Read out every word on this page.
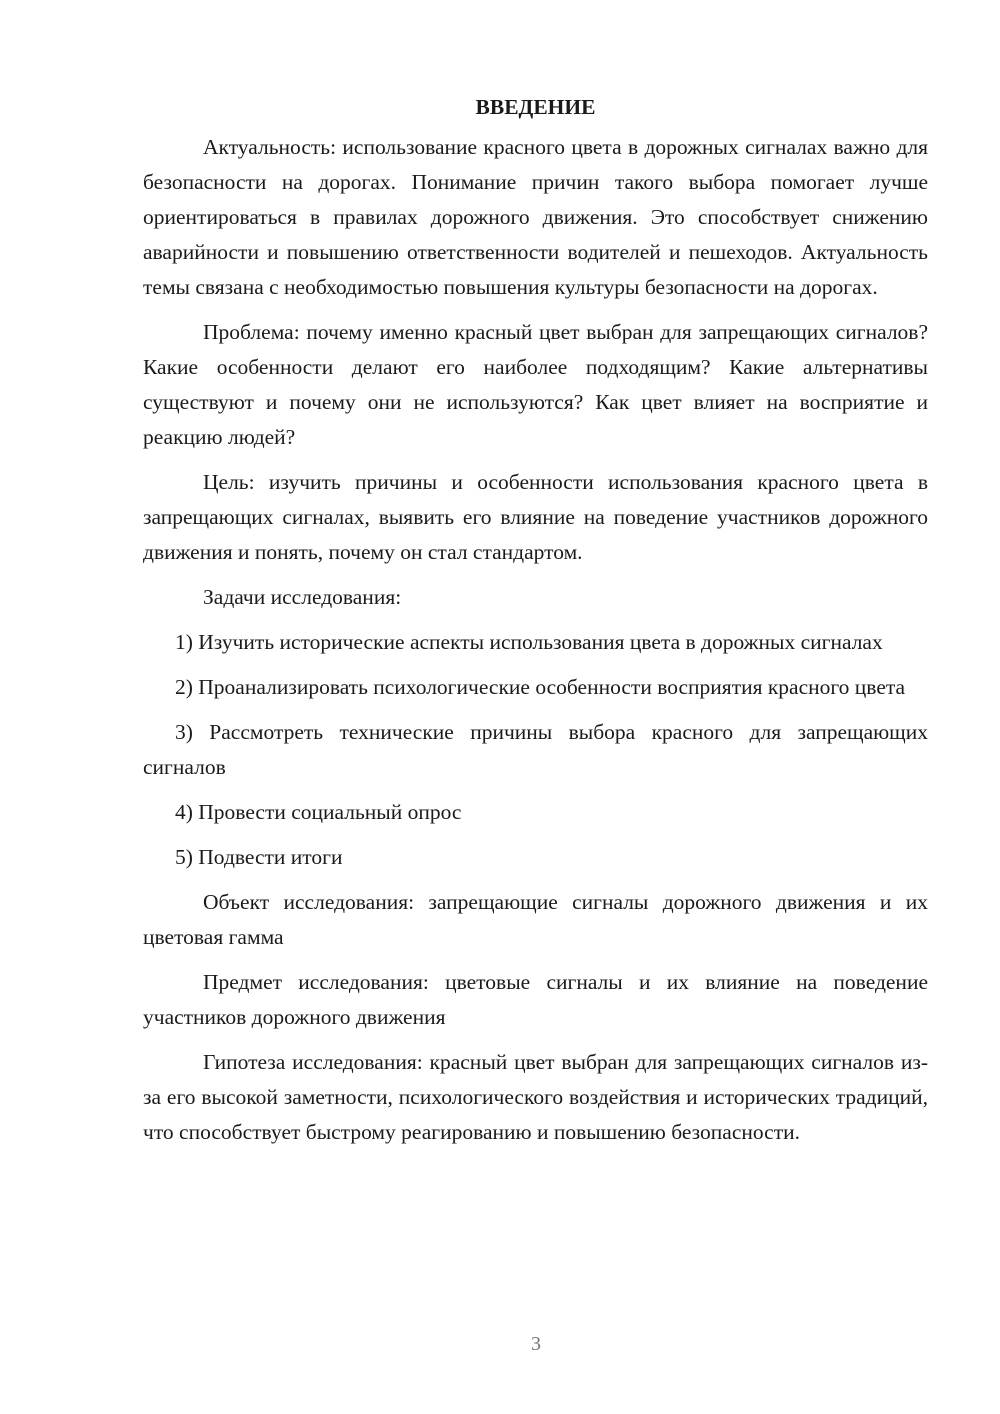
ВВЕДЕНИЕ

Актуальность: использование красного цвета в дорожных сигналах важно для безопасности на дорогах. Понимание причин такого выбора помогает лучше ориентироваться в правилах дорожного движения. Это способствует снижению аварийности и повышению ответственности водителей и пешеходов. Актуальность темы связана с необходимостью повышения культуры безопасности на дорогах.

Проблема: почему именно красный цвет выбран для запрещающих сигналов? Какие особенности делают его наиболее подходящим? Какие альтернативы существуют и почему они не используются? Как цвет влияет на восприятие и реакцию людей?

Цель: изучить причины и особенности использования красного цвета в запрещающих сигналах, выявить его влияние на поведение участников дорожного движения и понять, почему он стал стандартом.

Задачи исследования:

1) Изучить исторические аспекты использования цвета в дорожных сигналах

2) Проанализировать психологические особенности восприятия красного цвета

3) Рассмотреть технические причины выбора красного для запрещающих сигналов

4) Провести социальный опрос

5) Подвести итоги

Объект исследования: запрещающие сигналы дорожного движения и их цветовая гамма

Предмет исследования: цветовые сигналы и их влияние на поведение участников дорожного движения

Гипотеза исследования: красный цвет выбран для запрещающих сигналов из-за его высокой заметности, психологического воздействия и исторических традиций, что способствует быстрому реагированию и повышению безопасности.

3
